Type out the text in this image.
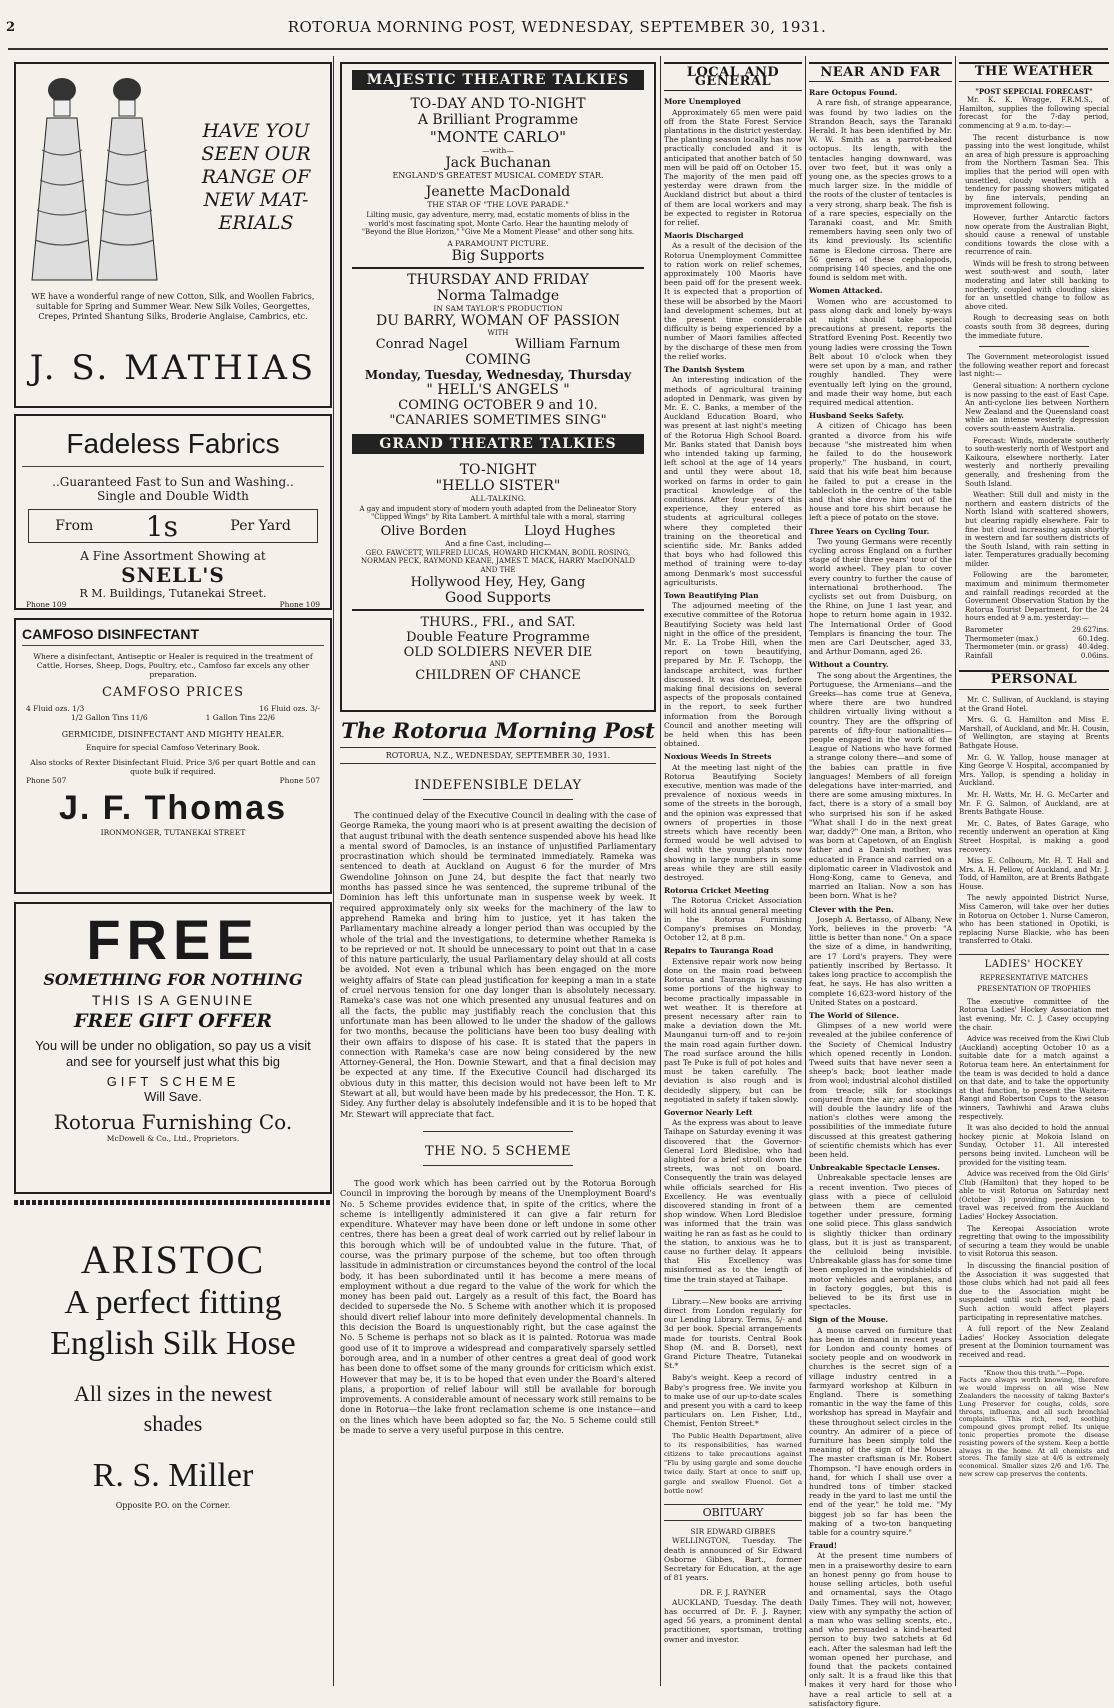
2	ROTORUA MORNING POST, WEDNESDAY, SEPTEMBER 30, 1931.
HAVE YOU SEEN OUR RANGE OF NEW MAT-ERIALS
WE have a wonderful range of new Cotton, Silk, and Woollen Fabrics, suitable for Spring and Summer Wear. New Silk Voiles, Georgettes, Crepes, Printed Shantung Silks, Broderie Anglaise, Cambrics, etc.
J. S. MATHIAS
Fadeless Fabrics
..Guaranteed Fast to Sun and Washing..
Single and Double Width
From 1s	Per Yard
A Fine Assortment Showing at
SNELL'S
R M. Buildings, Tutanekai Street.
Phone 109	Phone 109
CAMFOSO DISINFECTANT
Where a disinfectant, Antiseptic or Healer is required in the treatment of Cattle, Horses, Sheep, Dogs, Poultry, etc., Camfoso far excels any other preparation.
CAMFOSO PRICES
4 Fluid ozs. 1/3	16 Fluid ozs. 3/-
1/2 Gallon Tins 11/6	1 Gallon Tins 22/6
GERMICIDE, DISINFECTANT AND MIGHTY HEALER.
Enquire for special Camfoso Veterinary Book.
Also stocks of Rexter Disinfectant Fluid. Price 3/6 per quart Bottle and can quote bulk if required.
Phone 507	Phone 507
J. F. Thomas
IRONMONGER, TUTANEKAI STREET
FREE
SOMETHING FOR NOTHING
THIS IS A GENUINE
FREE GIFT OFFER
You will be under no obligation, so pay us a visit and see for yourself just what this big
GIFT SCHEME
Will Save.
Rotorua Furnishing Co.
McDowell & Co., Ltd., Proprietors.
ARISTOC
A perfect fitting
English Silk Hose
All sizes in the newest shades
R. S. Miller
Opposite P.O. on the Corner.
MAJESTIC THEATRE TALKIES
TO-DAY AND TO-NIGHT
A Brilliant Programme
"MONTE CARLO"
—with—
Jack Buchanan
ENGLAND'S GREATEST MUSICAL COMEDY STAR.
Jeanette MacDonald
THE STAR OF "THE LOVE PARADE."
Lilting music, gay adventure, merry, mad, ecstatic moments of bliss in the world's most fascinating spot, Monte Carlo. Hear the haunting melody of "Beyond the Blue Horizon," "Give Me a Moment Please" and other song hits.
A PARAMOUNT PICTURE.
Big Supports
THURSDAY AND FRIDAY
Norma Talmadge
IN SAM TAYLOR'S PRODUCTION
DU BARRY, WOMAN OF PASSION
WITH
Conrad Nagel	William Farnum
COMING
Monday, Tuesday, Wednesday, Thursday
" HELL'S ANGELS "
COMING OCTOBER 9 and 10.
"CANARIES SOMETIMES SING"
GRAND THEATRE TALKIES
TO-NIGHT
"HELLO SISTER"
ALL-TALKING.
A gay and impudent story of modern youth adapted from the Delineator Story "Clipped Wings" by Rita Lambert. A mirthful tale with a moral, starring
Olive Borden	Lloyd Hughes
And a fine Cast, including—
GEO. FAWCETT, WILFRED LUCAS, HOWARD HICKMAN, BODIL ROSING, NORMAN PECK, RAYMOND KEANE, JAMES T. MACK, HARRY MacDONALD AND THE
Hollywood Hey, Hey, Gang
Good Supports
THURS., FRI., and SAT.
Double Feature Programme
OLD SOLDIERS NEVER DIE
AND
CHILDREN OF CHANCE
The Rotorua Morning Post
ROTORUA, N.Z., WEDNESDAY, SEPTEMBER 30, 1931.
INDEFENSIBLE DELAY
The continued delay of the Executive Council in dealing with the case of George Rameka, the young maori who is at present awaiting the decision of that august tribunal with the death sentence suspended above his head like a mental sword of Damocles, is an instance of unjustified Parliamentary procrastination which should be terminated immediately. Rameka was sentenced to death at Auckland on August 6 for the murder of Mrs Gwendoline Johnson on June 24, but despite the fact that nearly two months has passed since he was sentenced, the supreme tribunal of the Dominion has left this unfortunate man in suspense week by week. It required approximately only six weeks for the machinery of the law to apprehend Rameka and bring him to justice, yet it has taken the Parliamentary machine already a longer period than was occupied by the whole of the trial and the investigations, to determine whether Rameka is to be reprieved or not. It should be unnecessary to point out that in a case of this nature particularly, the usual Parliamentary delay should at all costs be avoided. Not even a tribunal which has been engaged on the more weighty affairs of State can plead justification for keeping a man in a state of cruel nervous tension for one day longer than is absolutely necessary. Rameka's case was not one which presented any unusual features and on all the facts, the public may justifiably reach the conclusion that this unfortunate man has been allowed to lie under the shadow of the gallows for two months, because the politicians have been too busy dealing with their own affairs to dispose of his case. It is stated that the papers in connection with Rameka's case are now being considered by the new Attorney-General, the Hon. Downie Stewart, and that a final decision may be expected at any time. If the Executive Council had discharged its obvious duty in this matter, this decision would not have been left to Mr Stewart at all, but would have been made by his predecessor, the Hon. T. K. Sidey. Any further delay is absolutely indefensible and it is to be hoped that Mr. Stewart will appreciate that fact.
THE NO. 5 SCHEME
The good work which has been carried out by the Rotorua Borough Council in improving the borough by means of the Unemployment Board's No. 5 Scheme provides evidence that, in spite of the critics, where the scheme is intelligently administered it can give a fair return for expenditure. Whatever may have been done or left undone in some other centres, there has been a great deal of work carried out by relief labour in this borough which will be of undoubted value in the future. That, of course, was the primary purpose of the scheme, but too often through lassitude in administration or circumstances beyond the control of the local body, it has been subordinated until it has become a mere means of employment without a due regard to the value of the work for which the money has been paid out. Largely as a result of this fact, the Board has decided to supersede the No. 5 Scheme with another which it is proposed should divert relief labour into more definitely developmental channels. In this decision the Board is unquestionably right, but the case against the No. 5 Scheme is perhaps not so black as it is painted. Rotorua was made good use of it to improve a widespread and comparatively sparsely settled borough area, and in a number of other centres a great deal of good work has been done to offset some of the many grounds for criticism which exist. However that may be, it is to be hoped that even under the Board's altered plans, a proportion of relief labour will still be available for borough improvements. A considerable amount of necessary work still remains to be done in Rotorua—the lake front reclamation scheme is one instance—and on the lines which have been adopted so far, the No. 5 Scheme could still be made to serve a very useful purpose in this centre.
LOCAL AND GENERAL
More Unemployed

Approximately 65 men were paid off from the State Forest Service plantations in the district yesterday. The planting season locally has now practically concluded and it is anticipated that another batch of 50 men will be paid off on October 15. The majority of the men paid off yesterday were drawn from the Auckland district but about a third of them are local workers and may be expected to register in Rotorua for relief.

Maoris Discharged

As a result of the decision of the Rotorua Unemployment Committee to ration work on relief schemes, approximately 100 Maoris have been paid off for the present week. It is expected that a proportion of these will be absorbed by the Maori land development schemes, but at the present time considerable difficulty is being experienced by a number of Maori families affected by the discharge of these men from the relief works.

The Danish System

An interesting indication of the methods of agricultural training adopted in Denmark, was given by Mr. E. C. Banks, a member of the Auckland Education Board, who was present at last night's meeting of the Rotorua High School Board. Mr. Banks stated that Danish boys who intended taking up farming, left school at the age of 14 years and until they were about 18, worked on farms in order to gain practical knowledge of the conditions. After four years of this experience, they entered as students at agricultural colleges where they completed their training on the theoretical and scientific side. Mr. Banks added that boys who had followed this method of training were to-day among Denmark's most successful agriculturists.

Town Beautifying Plan

The adjourned meeting of the executive committee of the Rotorua Beautifying Society was held last night in the office of the president, Mr. E. La Trobe Hill, when the report on town beautifying, prepared by Mr. F. Tschopp, the landscape architect, was further discussed. It was decided, before making final decisions on several aspects of the proposals contained in the report, to seek further information from the Borough Council and another meeting will be held when this has been obtained.

Noxious Weeds In Streets

At the meeting last night of the Rotorua Beautifying Society executive, mention was made of the prevalence of noxious weeds in some of the streets in the borough, and the opinion was expressed that owners of properties in those streets which have recently been formed would be well advised to deal with the young plants now showing in large numbers in some areas while they are still easily destroyed.

Rotorua Cricket Meeting

The Rotorua Cricket Association will hold its annual general meeting in the Rotorua Furnishing Company's premises on Monday, October 12, at 8 p.m.

Repairs to Tauranga Road

Extensive repair work now being done on the main road between Rotorua and Tauranga is causing some portions of the highway to become practically impassable in wet weather. It is therefore at present necessary after rain to make a deviation down the Mt. Maunganui turn-off and to re-join the main road again further down. The road surface around the hills past Te Puke is full of pot holes and must be taken carefully. The deviation is also rough and is decidedly slippery, but can be negotiated in safety if taken slowly.

Governor Nearly Left

As the express was about to leave Taihape on Saturday evening it was discovered that the Governor-General Lord Bledisloe, who had alighted for a brief stroll down the streets, was not on board. Consequently the train was delayed while officials searched for His Excellency. He was eventually discovered standing in front of a shop window. When Lord Bledisloe was informed that the train was waiting he ran as fast as he could to the station, to anxious was he to cause no further delay. It appears that His Excellency was misinformed as to the length of time the train stayed at Taihape.

Library.—New books are arriving direct from London regularly for our Lending Library. Terms, 5/- and 3d per book. Special arrangements made for tourists. Central Book Shop (M. and B. Dorset), next Grand Picture Theatre, Tutanekai St.*

Baby's weight. Keep a record of Baby's progress free. We invite you to make use of our up-to-date scales and present you with a card to keep particulars on. Len Fisher, Ltd., Chemist, Fenton Street.*

The Public Health Department, alive to its responsibilities, has warned citizens to take precautions against "Flu by using gargle and some douche twice daily. Start at once to sniff up, gargle and swallow Fluenol. Get a bottle now!

OBITUARY
SIR EDWARD GIBBES

WELLINGTON, Tuesday. The death is announced of Sir Edward Osborne Gibbes, Bart., former Secretary for Education, at the age of 81 years.

DR. F. J. RAYNER

AUCKLAND, Tuesday. The death has occurred of Dr. F. J. Rayner, aged 56 years, a prominent dental practitioner, sportsman, trotting owner and investor.

NEAR AND FAR
Rare Octopus Found.

A rare fish, of strange appearance, was found by two ladies on the Strandon Beach, says the Taranaki Herald. It has been identified by Mr. W. W. Smith as a parrot-beaked octopus. Its length, with the tentacles hanging downward, was over two feet, but it was only a young one, as the species grows to a much larger size. In the middle of the roots of the cluster of tentacles is a very strong, sharp beak. The fish is of a rare species, especially on the Taranaki coast, and Mr. Smith remembers having seen only two of its kind previously. Its scientific name is Eledone cirrosa. There are 56 genera of these cephalopods, comprising 140 species, and the one found is seldom met with.

Women Attacked.

Women who are accustomed to pass along dark and lonely by-ways at night should take special precautions at present, reports the Stratford Evening Post. Recently two young ladies were crossing the Town Belt about 10 o'clock when they were set upon by a man, and rather roughly handled. They were eventually left lying on the ground, and made their way home, but each required medical attention.

Husband Seeks Safety.

A citizen of Chicago has been granted a divorce from his wife because "she mistreated him when he failed to do the housework properly." The husband, in court, said that his wife beat him because he failed to put a crease in the tablecloth in the centre of the table and that she drove him out of the house and tore his shirt because he left a piece of potato on the stove.

Three Years on Cycling Tour.

Two young Germans were recently cycling across England on a further stage of their three years' tour of the world awheel. They plan to cover every country to further the cause of international brotherhood. The cyclists set out from Duisburg, on the Rhine, on June 1 last year, and hope to return home again in 1932. The International Order of Good Templars is financing the tour. The men are Carl Deutscher, aged 33, and Arthur Domann, aged 26.

Without a Country.

The song about the Argentines, the Portuguese, the Armenians—and the Greeks—has come true at Geneva, where there are two hundred children virtually living without a country. They are the offspring of parents of fifty-four nationalities—people engaged in the work of the League of Nations who have formed a strange colony there—and some of the babies can prattle in five languages! Members of all foreign delegations have inter-married, and there are some amusing mixtures. In fact, there is a story of a small boy who surprised his son if he asked "What shall I do in the next great war, daddy?" One man, a Briton, who was born at Capetown, of an English father and a Danish mother, was educated in France and carried on a diplomatic career in Vladivostok and Hong-Kong, came to Geneva, and married an Italian. Now a son has been born. What is he?

Clever with the Pen.

Joseph A. Bertasso, of Albany, New York, believes in the proverb: "A little is better than none." On a space the size of a dime, in handwriting, are 17 Lord's prayers. They were patiently inscribed by Bertasso. It takes long practice to accomplish the feat, he says. He has also written a complete 16,623-word history of the United States on a postcard.

The World of Silence.

Glimpses of a new world were revealed at the jubilee conference of the Society of Chemical Industry which opened recently in London. Tweed suits that have never seen a sheep's back; boot leather made from wool; industrial alcohol distilled from treacle; silk for stockings conjured from the air; and soap that will double the laundry life of the nation's clothes were among the possibilities of the immediate future discussed at this greatest gathering of scientific chemists which has ever been held.

Unbreakable Spectacle Lenses.

Unbreakable spectacle lenses are a recent invention. Two pieces of glass with a piece of celluloid between them are cemented together under pressure, forming one solid piece. This glass sandwich is slightly thicker than ordinary glass, but it is just as transparent, the celluloid being invisible. Unbreakable glass has for some time been employed in the windshields of motor vehicles and aeroplanes, and in factory goggles, but this is believed to be its first use in spectacles.

Sign of the Mouse.

A mouse carved on furniture that has been in demand in recent years for London and county homes of society people and on woodwork in churches is the secret sign of a village industry centred in a farmyard workshop at Kilburn in England. There is something romantic in the way the fame of this workshop has spread in Mayfair and these throughout select circles in the country. An admirer of a piece of furniture has been simply told the meaning of the sign of the Mouse. The master craftsman is Mr. Robert Thompson. "I have enough orders in hand, for which I shall use over a hundred tons of timber stacked ready in the yard to last me until the end of the year," he told me. "My biggest job so far has been the making of a two-ton banqueting table for a country squire."

Fraud!

At the present time numbers of men in a praiseworthy desire to earn an honest penny go from house to house selling articles, both useful and ornamental, says the Otago Daily Times. They will not, however, view with any sympathy the action of a man who was selling scents, etc., and who persuaded a kind-hearted person to buy two satchets at 6d each. After the salesman had left the woman opened her purchase, and found that the packets contained only salt. It is a fraud like this that makes it very hard for those who have a real article to sell at a satisfactory figure.

THE WEATHER
"POST SEPECIAL FORECAST"

Mr. K. K. Wragge, F.R.M.S., of Hamilton, supplies the following special forecast for the 7-day period, commencing at 9 a.m. to-day:—

The recent disturbance is now passing into the west longitude, whilst an area of high pressure is approaching from the Northern Tasman Sea. This implies that the period will open with unsettled, cloudy weather, with a tendency for passing showers mitigated by fine intervals, pending an improvement following.

However, further Antarctic factors now operate from the Australian Bight, should cause a renewal of unstable conditions towards the close with a recurrence of rain.

Winds will be fresh to strong between west south-west and south, later moderating and later still backing to northerly, coupled with clouding skies for an unsettled change to follow as above cited.

Rough to decreasing seas on both coasts south from 38 degrees, during the immediate future.

The Government meteorologist issued the following weather report and forecast last night:—

General situation: A northern cyclone is now passing to the east of East Cape. An anti-cyclone lies between Northern New Zealand and the Queensland coast while an intense westerly depression covers south-eastern Australia.

Forecast: Winds, moderate southerly to south-westerly north of Westport and Kaikoura, elsewhere northerly. Later westerly and northerly prevailing generally, and freshening from the South Island.

Weather: Still dull and misty in the northern and eastern districts of the North Island with scattered showers, but clearing rapidly elsewhere. Fair to fine but cloud increasing again shortly in western and far southern districts of the South Island, with rain setting in later. Temperatures gradually becoming milder.

Following are the barometer, maximum and minimum thermometer and rainfall readings recorded at the Government Observation Station by the Rotorua Tourist Department, for the 24 hours ended at 9 a.m. yesterday:—

Barometer	29.627ins.
Thermometer (max.)	60.1deg.
Thermometer (min. or grass) 40.4deg.
Rainfall	0.06ins.
PERSONAL

Mr. C. Sullivan, of Auckland, is staying at the Grand Hotel.

Mrs. G. G. Hamilton and Miss E. Marshall, of Auckland, and Mr. H. Cousin, of Wellington, are staying at Brents Bathgate House.

Mr. G. W. Yallop, house manager at King George V. Hospital, accompanied by Mrs. Yallop, is spending a holiday in Auckland.

Mr. H. Watts, Mr. H. G. McCarter and Mr. F. G. Salmon, of Auckland, are at Brents Bathgate House.

Mr. C. Bates, of Bates Garage, who recently underwent an operation at King Street Hospital, is making a good recovery.

Miss E. Colbourn, Mr. H. T. Hall and Mrs. A. H. Pellow, of Auckland, and Mr. J. Todd, of Hamilton, are at Brents Bathgate House.

The newly appointed District Nurse, Miss Cameron, will take over her duties in Rotorua on October 1. Nurse Cameron, who has been stationed in Opotiki, is replacing Nurse Blackie, who has been transferred to Otaki.

LADIES' HOCKEY
REPRESENTATIVE MATCHES
PRESENTATION OF TROPHIES

The executive committee of the Rotorua Ladies' Hockey Association met last evening, Mr. C. J. Casey occupying the chair.

Advice was received from the Kiwi Club (Auckland) accepting October 10 as a suitable date for a match against a Rotorua team here. An entertainment for the team is was decided to hold a dance on that date, and to take the opportunity at that function, to present the Waitera-Rangi and Robertson Cups to the season winners, Tawhiwhi and Arawa clubs respectively.

It was also decided to hold the annual hockey picnic at Mokoia Island on Sunday, October 11. All interested persons being invited. Luncheon will be provided for the visiting team.

Advice was received from the Old Girls' Club (Hamilton) that they hoped to be able to visit Rotorua on Saturday next (October 3) providing permission to travel was received from the Auckland Ladies' Hockey Association.

The Kereopai Association wrote regretting that owing to the impossibility of securing a team they would be unable to visit Rotorua this season.

In discussing the financial position of the Association it was suggested that those clubs which had not paid all fees due to the Association might be suspended until such fees were paid. Such action would affect players participating in representative matches.

A full report of the New Zealand Ladies' Hockey Association delegate present at the Dominion tournament was received and read.

"Know thou this truth."—Pope.
Facts are always worth knowing, therefore we would impress on all wise New Zealanders the necessity of taking Baxter's Lung Preserver for coughs, colds, sore throats, influenza, and all such bronchial complaints. This rich, red, soothing compound gives prompt relief. Its unique tonic properties promote the disease resisting powers of the system. Keep a bottle always in the home. At all chemists and stores. The family size at 4/6 is extremely economical. Smaller sizes 2/6 and 1/6. The new screw cap preserves the contents.
